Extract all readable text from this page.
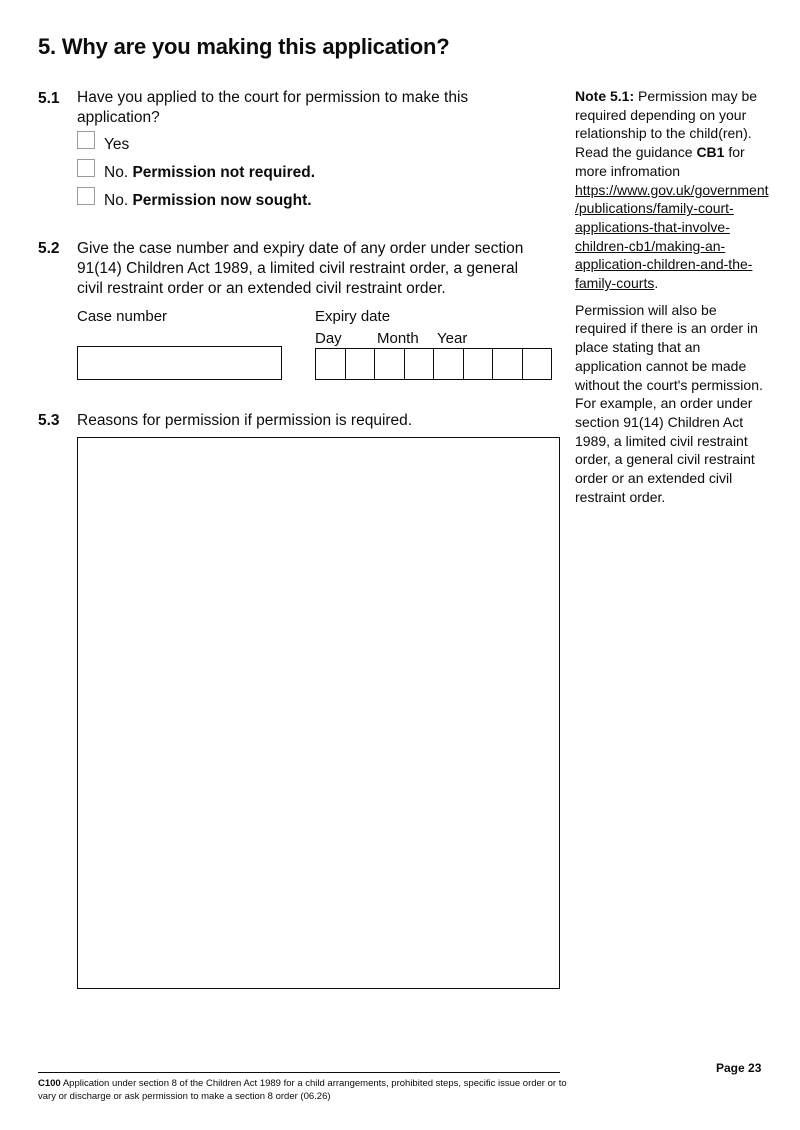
5. Why are you making this application?
5.1 Have you applied to the court for permission to make this application?
Yes
No. Permission not required.
No. Permission now sought.
5.2 Give the case number and expiry date of any order under section 91(14) Children Act 1989, a limited civil restraint order, a general civil restraint order or an extended civil restraint order.
Case number	Expiry date
Day Month Year
5.3 Reasons for permission if permission is required.

Note 5.1: Permission may be required depending on your relationship to the child(ren). Read the guidance CB1 for more infromation https://www.gov.uk/government/publications/family-court-applications-that-involve-children-cb1/making-an-application-children-and-the-family-courts.

Permission will also be required if there is an order in place stating that an application cannot be made without the court's permission. For example, an order under section 91(14) Children Act 1989, a limited civil restraint order, a general civil restraint order or an extended civil restraint order.

Page 23
C100 Application under section 8 of the Children Act 1989 for a child arrangements, prohibited steps, specific issue order or to vary or discharge or ask permission to make a section 8 order (06.26)
